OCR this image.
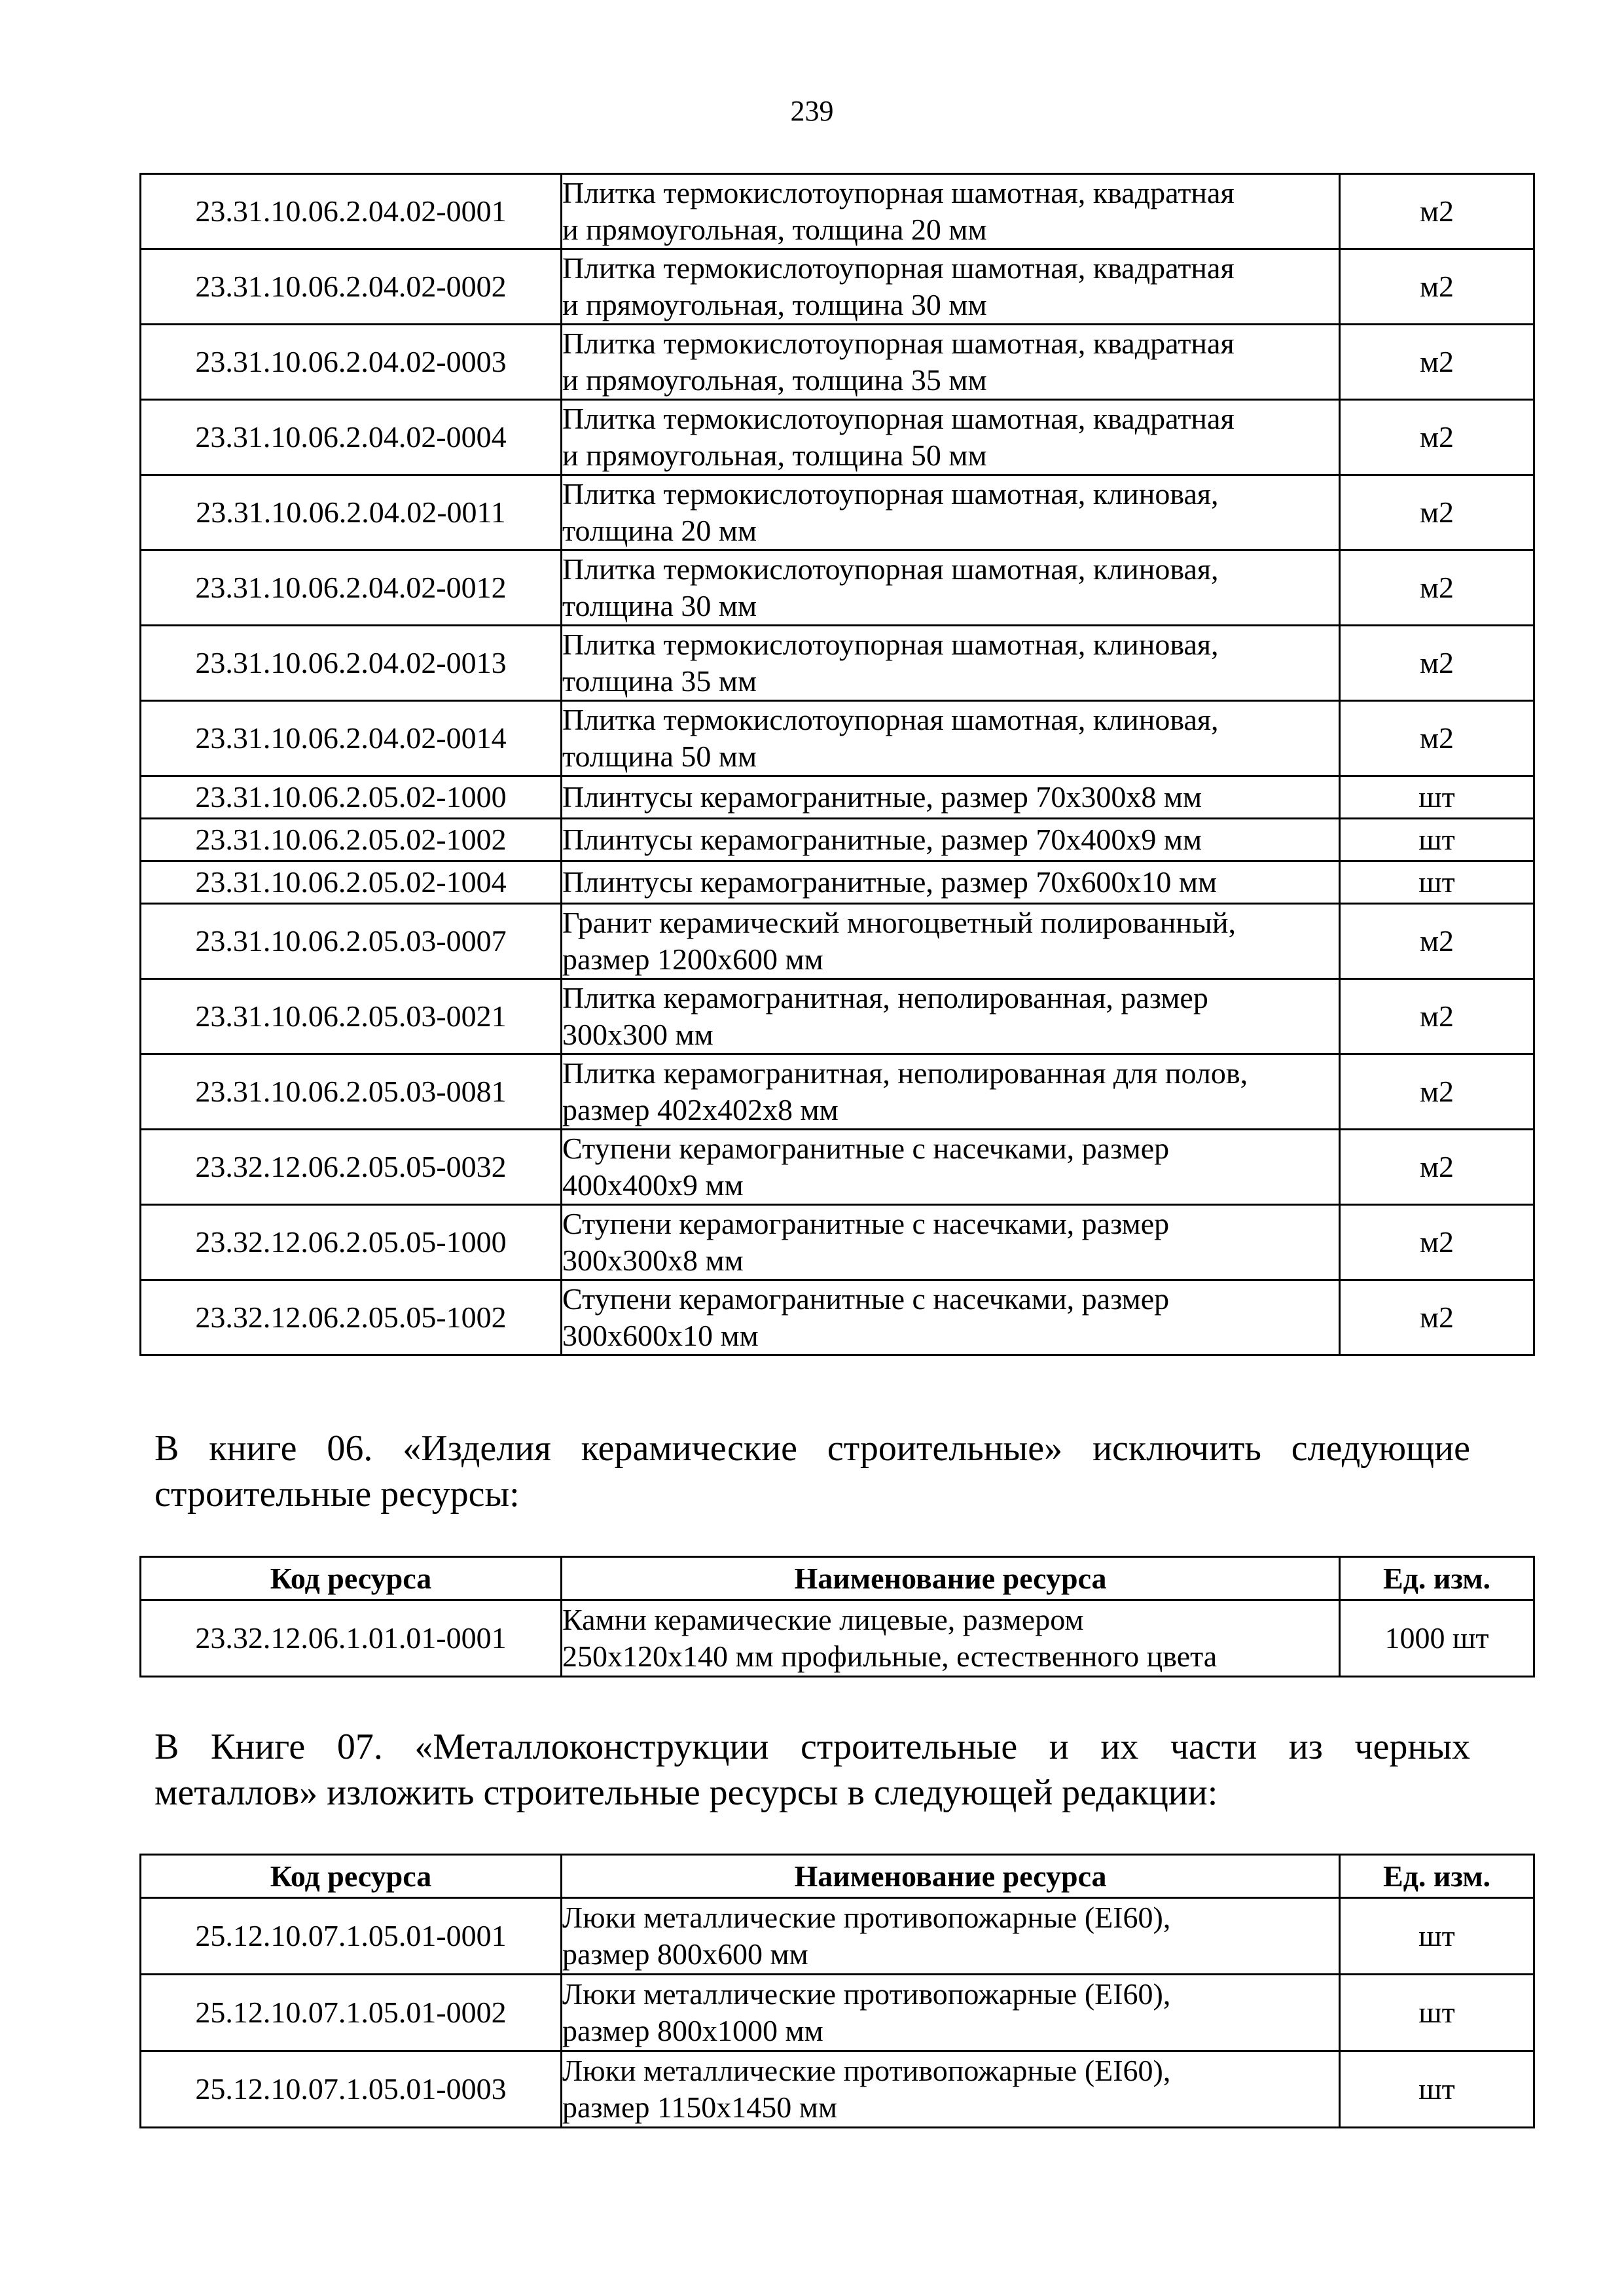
239
23.31.10.06.2.04.02-0001	Плитка термокислотоупорная шамотная, квадратная
и прямоугольная, толщина 20 мм	м2
23.31.10.06.2.04.02-0002	Плитка термокислотоупорная шамотная, квадратная
и прямоугольная, толщина 30 мм	м2
23.31.10.06.2.04.02-0003	Плитка термокислотоупорная шамотная, квадратная
и прямоугольная, толщина 35 мм	м2
23.31.10.06.2.04.02-0004	Плитка термокислотоупорная шамотная, квадратная
и прямоугольная, толщина 50 мм	м2
23.31.10.06.2.04.02-0011	Плитка термокислотоупорная шамотная, клиновая,
толщина 20 мм	м2
23.31.10.06.2.04.02-0012	Плитка термокислотоупорная шамотная, клиновая,
толщина 30 мм	м2
23.31.10.06.2.04.02-0013	Плитка термокислотоупорная шамотная, клиновая,
толщина 35 мм	м2
23.31.10.06.2.04.02-0014	Плитка термокислотоупорная шамотная, клиновая,
толщина 50 мм	м2
23.31.10.06.2.05.02-1000	Плинтусы керамогранитные, размер 70х300х8 мм	шт
23.31.10.06.2.05.02-1002	Плинтусы керамогранитные, размер 70х400х9 мм	шт
23.31.10.06.2.05.02-1004	Плинтусы керамогранитные, размер 70х600х10 мм	шт
23.31.10.06.2.05.03-0007	Гранит керамический многоцветный полированный,
размер 1200х600 мм	м2
23.31.10.06.2.05.03-0021	Плитка керамогранитная, неполированная, размер
300х300 мм	м2
23.31.10.06.2.05.03-0081	Плитка керамогранитная, неполированная для полов,
размер 402х402х8 мм	м2
23.32.12.06.2.05.05-0032	Ступени керамогранитные с насечками, размер
400х400х9 мм	м2
23.32.12.06.2.05.05-1000	Ступени керамогранитные с насечками, размер
300х300х8 мм	м2
23.32.12.06.2.05.05-1002	Ступени керамогранитные с насечками, размер
300х600х10 мм	м2
В книге 06. «Изделия керамические строительные» исключить следующие
строительные ресурсы:
Код ресурса	Наименование ресурса	Ед. изм.
23.32.12.06.1.01.01-0001	Камни керамические лицевые, размером
250х120х140 мм профильные, естественного цвета	1000 шт
В Книге 07. «Металлоконструкции строительные и их части из черных
металлов» изложить строительные ресурсы в следующей редакции:
Код ресурса	Наименование ресурса	Ед. изм.
25.12.10.07.1.05.01-0001	Люки металлические противопожарные (EI60),
размер 800х600 мм	шт
25.12.10.07.1.05.01-0002	Люки металлические противопожарные (EI60),
размер 800х1000 мм	шт
25.12.10.07.1.05.01-0003	Люки металлические противопожарные (EI60),
размер 1150х1450 мм	шт
